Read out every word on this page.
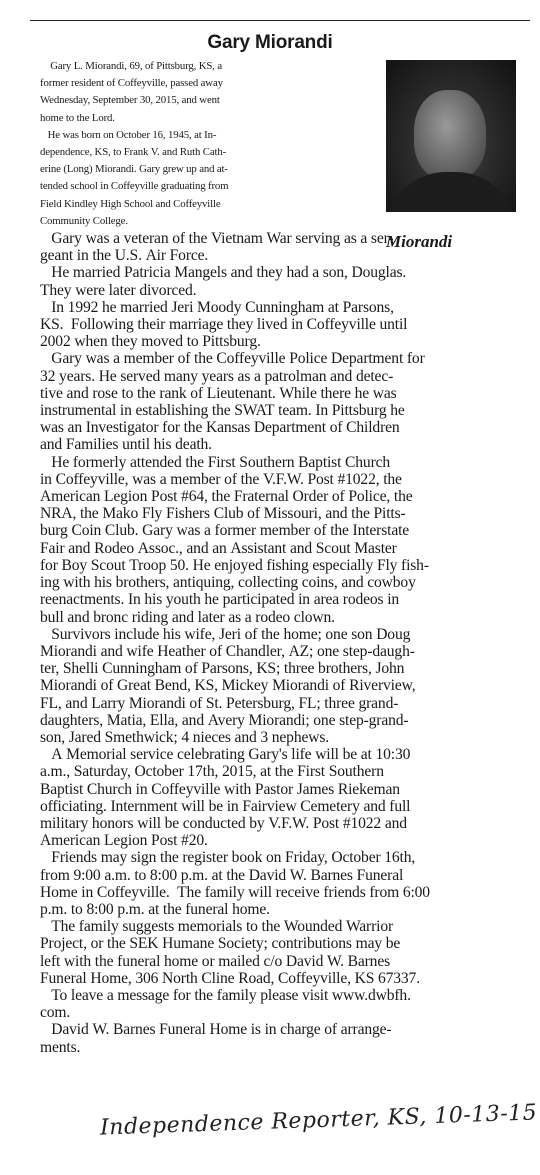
Gary Miorandi
Miorandi
Gary L. Miorandi, 69, of Pittsburg, KS, a
former resident of Coffeyville, passed away
Wednesday, September 30, 2015, and went
home to the Lord.
He was born on October 16, 1945, at In-
dependence, KS, to Frank V. and Ruth Cath-
erine (Long) Miorandi. Gary grew up and at-
tended school in Coffeyville graduating from
Field Kindley High School and Coffeyville
Community College.
Gary was a veteran of the Vietnam War serving as a ser-
geant in the U.S. Air Force.
He married Patricia Mangels and they had a son, Douglas.
They were later divorced.
In 1992 he married Jeri Moody Cunningham at Parsons,
KS.  Following their marriage they lived in Coffeyville until
2002 when they moved to Pittsburg.
Gary was a member of the Coffeyville Police Department for
32 years. He served many years as a patrolman and detec-
tive and rose to the rank of Lieutenant. While there he was
instrumental in establishing the SWAT team. In Pittsburg he
was an Investigator for the Kansas Department of Children
and Families until his death.
He formerly attended the First Southern Baptist Church
in Coffeyville, was a member of the V.F.W. Post #1022, the
American Legion Post #64, the Fraternal Order of Police, the
NRA, the Mako Fly Fishers Club of Missouri, and the Pitts-
burg Coin Club. Gary was a former member of the Interstate
Fair and Rodeo Assoc., and an Assistant and Scout Master
for Boy Scout Troop 50. He enjoyed fishing especially Fly fish-
ing with his brothers, antiquing, collecting coins, and cowboy
reenactments. In his youth he participated in area rodeos in
bull and bronc riding and later as a rodeo clown.
Survivors include his wife, Jeri of the home; one son Doug
Miorandi and wife Heather of Chandler, AZ; one step-daugh-
ter, Shelli Cunningham of Parsons, KS; three brothers, John
Miorandi of Great Bend, KS, Mickey Miorandi of Riverview,
FL, and Larry Miorandi of St. Petersburg, FL; three grand-
daughters, Matia, Ella, and Avery Miorandi; one step-grand-
son, Jared Smethwick; 4 nieces and 3 nephews.
A Memorial service celebrating Gary's life will be at 10:30
a.m., Saturday, October 17th, 2015, at the First Southern
Baptist Church in Coffeyville with Pastor James Riekeman
officiating. Internment will be in Fairview Cemetery and full
military honors will be conducted by V.F.W. Post #1022 and
American Legion Post #20.
Friends may sign the register book on Friday, October 16th,
from 9:00 a.m. to 8:00 p.m. at the David W. Barnes Funeral
Home in Coffeyville.  The family will receive friends from 6:00
p.m. to 8:00 p.m. at the funeral home.
The family suggests memorials to the Wounded Warrior
Project, or the SEK Humane Society; contributions may be
left with the funeral home or mailed c/o David W. Barnes
Funeral Home, 306 North Cline Road, Coffeyville, KS 67337.
To leave a message for the family please visit www.dwbfh.
com.
David W. Barnes Funeral Home is in charge of arrange-
ments.
Independence Reporter, KS, 10-13-15
